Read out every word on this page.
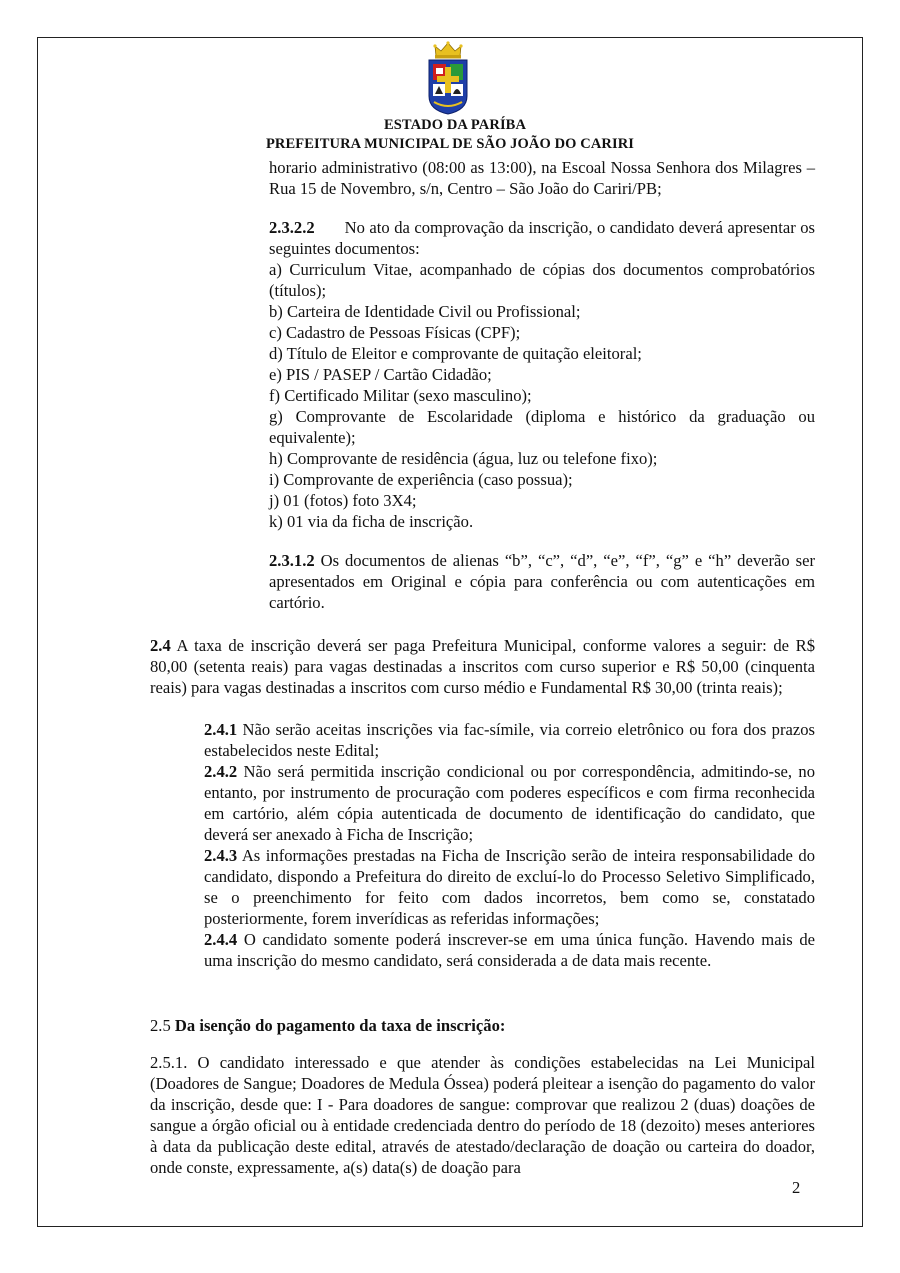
ESTADO DA PARÍBA
PREFEITURA MUNICIPAL DE SÃO JOÃO DO CARIRI

horario administrativo (08:00 as 13:00), na Escoal Nossa Senhora dos Milagres – Rua 15 de Novembro, s/n, Centro – São João do Cariri/PB;

2.3.2.2 No ato da comprovação da inscrição, o candidato deverá apresentar os seguintes documentos:

a) Curriculum Vitae, acompanhado de cópias dos documentos comprobatórios (títulos);

b) Carteira de Identidade Civil ou Profissional;

c) Cadastro de Pessoas Físicas (CPF);

d) Título de Eleitor e comprovante de quitação eleitoral;

e) PIS / PASEP / Cartão Cidadão;

f) Certificado Militar (sexo masculino);

g) Comprovante de Escolaridade (diploma e histórico da graduação ou equivalente);

h) Comprovante de residência (água, luz ou telefone fixo);

i) Comprovante de experiência (caso possua);

j) 01 (fotos) foto 3X4;

k) 01 via da ficha de inscrição.

2.3.1.2 Os documentos de alienas “b”, “c”, “d”, “e”, “f”, “g” e “h” deverão ser apresentados em Original e cópia para conferência ou com autenticações em cartório.

2.4 A taxa de inscrição deverá ser paga Prefeitura Municipal, conforme valores a seguir: de R$ 80,00 (setenta reais) para vagas destinadas a inscritos com curso superior e R$ 50,00 (cinquenta reais) para vagas destinadas a inscritos com curso médio e Fundamental R$ 30,00 (trinta reais);

2.4.1 Não serão aceitas inscrições via fac-símile, via correio eletrônico ou fora dos prazos estabelecidos neste Edital;

2.4.2 Não será permitida inscrição condicional ou por correspondência, admitindo-se, no entanto, por instrumento de procuração com poderes específicos e com firma reconhecida em cartório, além cópia autenticada de documento de identificação do candidato, que deverá ser anexado à Ficha de Inscrição;

2.4.3 As informações prestadas na Ficha de Inscrição serão de inteira responsabilidade do candidato, dispondo a Prefeitura do direito de excluí-lo do Processo Seletivo Simplificado, se o preenchimento for feito com dados incorretos, bem como se, constatado posteriormente, forem inverídicas as referidas informações;

2.4.4 O candidato somente poderá inscrever-se em uma única função. Havendo mais de uma inscrição do mesmo candidato, será considerada a de data mais recente.

2.5 Da isenção do pagamento da taxa de inscrição:

2.5.1. O candidato interessado e que atender às condições estabelecidas na Lei Municipal (Doadores de Sangue; Doadores de Medula Óssea) poderá pleitear a isenção do pagamento do valor da inscrição, desde que: I - Para doadores de sangue: comprovar que realizou 2 (duas) doações de sangue a órgão oficial ou à entidade credenciada dentro do período de 18 (dezoito) meses anteriores à data da publicação deste edital, através de atestado/declaração de doação ou carteira do doador, onde conste, expressamente, a(s) data(s) de doação para

2
